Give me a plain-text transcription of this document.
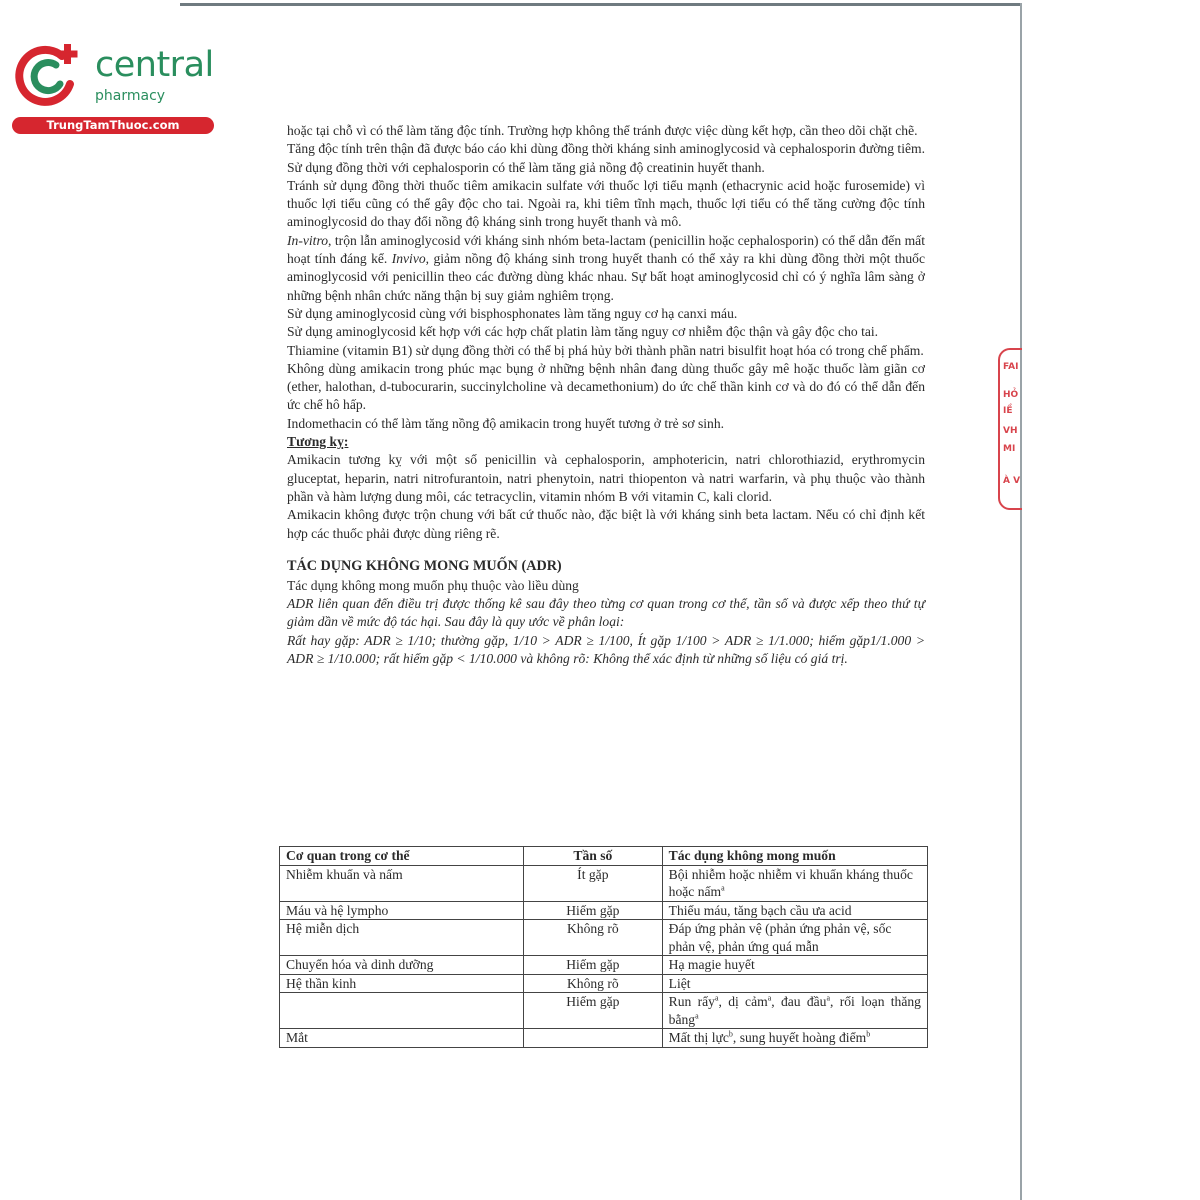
central
pharmacy
TrungTamThuoc.com
FAI
HỎ
IỀ
VH
MI
À V

hoặc tại chỗ vì có thể làm tăng độc tính. Trường hợp không thể tránh được việc dùng kết hợp, cần theo dõi chặt chẽ.

Tăng độc tính trên thận đã được báo cáo khi dùng đồng thời kháng sinh aminoglycosid và cephalosporin đường tiêm. Sử dụng đồng thời với cephalosporin có thể làm tăng giả nồng độ creatinin huyết thanh.

Tránh sử dụng đồng thời thuốc tiêm amikacin sulfate với thuốc lợi tiểu mạnh (ethacrynic acid hoặc furosemide) vì thuốc lợi tiểu cũng có thể gây độc cho tai. Ngoài ra, khi tiêm tĩnh mạch, thuốc lợi tiểu có thể tăng cường độc tính aminoglycosid do thay đổi nồng độ kháng sinh trong huyết thanh và mô.

In-vitro, trộn lẫn aminoglycosid với kháng sinh nhóm beta-lactam (penicillin hoặc cephalosporin) có thể dẫn đến mất hoạt tính đáng kể. Invivo, giảm nồng độ kháng sinh trong huyết thanh có thể xảy ra khi dùng đồng thời một thuốc aminoglycosid với penicillin theo các đường dùng khác nhau. Sự bất hoạt aminoglycosid chỉ có ý nghĩa lâm sàng ở những bệnh nhân chức năng thận bị suy giảm nghiêm trọng.

Sử dụng aminoglycosid cùng với bisphosphonates làm tăng nguy cơ hạ canxi máu.

Sử dụng aminoglycosid kết hợp với các hợp chất platin làm tăng nguy cơ nhiễm độc thận và gây độc cho tai.

Thiamine (vitamin B1) sử dụng đồng thời có thể bị phá hủy bởi thành phần natri bisulfit hoạt hóa có trong chế phẩm.

Không dùng amikacin trong phúc mạc bụng ở những bệnh nhân đang dùng thuốc gây mê hoặc thuốc làm giãn cơ (ether, halothan, d-tubocurarin, succinylcholine và decamethonium) do ức chế thần kinh cơ và do đó có thể dẫn đến ức chế hô hấp.

Indomethacin có thể làm tăng nồng độ amikacin trong huyết tương ở trẻ sơ sinh.

Tương kỵ:

Amikacin tương kỵ với một số penicillin và cephalosporin, amphotericin, natri chlorothiazid, erythromycin gluceptat, heparin, natri nitrofurantoin, natri phenytoin, natri thiopenton và natri warfarin, và phụ thuộc vào thành phần và hàm lượng dung môi, các tetracyclin, vitamin nhóm B với vitamin C, kali clorid.

Amikacin không được trộn chung với bất cứ thuốc nào, đặc biệt là với kháng sinh beta lactam. Nếu có chỉ định kết hợp các thuốc phải được dùng riêng rẽ.

TÁC DỤNG KHÔNG MONG MUỐN (ADR)

Tác dụng không mong muốn phụ thuộc vào liều dùng

ADR liên quan đến điều trị được thống kê sau đây theo từng cơ quan trong cơ thể, tần số và được xếp theo thứ tự giảm dần về mức độ tác hại. Sau đây là quy ước về phân loại:

Rất hay gặp: ADR ≥ 1/10; thường gặp, 1/10 > ADR ≥ 1/100, Ít gặp 1/100 > ADR ≥ 1/1.000; hiếm gặp1/1.000 > ADR ≥ 1/10.000; rất hiếm gặp < 1/10.000 và không rõ: Không thể xác định từ những số liệu có giá trị.

Cơ quan trong cơ thể	Tần số	Tác dụng không mong muốn
Nhiễm khuẩn và nấm	Ít gặp	Bội nhiễm hoặc nhiễm vi khuẩn kháng thuốc hoặc nấm$^a$
Máu và hệ lympho	Hiếm gặp	Thiếu máu, tăng bạch cầu ưa acid
Hệ miễn dịch	Không rõ	Đáp ứng phản vệ (phản ứng phản vệ, sốc phản vệ, phản ứng quá mẫn
Chuyển hóa và dinh dưỡng	Hiếm gặp	Hạ magie huyết
Hệ thần kinh	Không rõ	Liệt
	Hiếm gặp	Run rẩy$^a$, dị cảm$^a$, đau đầu$^a$, rối loạn thăng bằng$^a$
Mắt		Mất thị lực$^b$, sung huyết hoàng điểm$^b$
